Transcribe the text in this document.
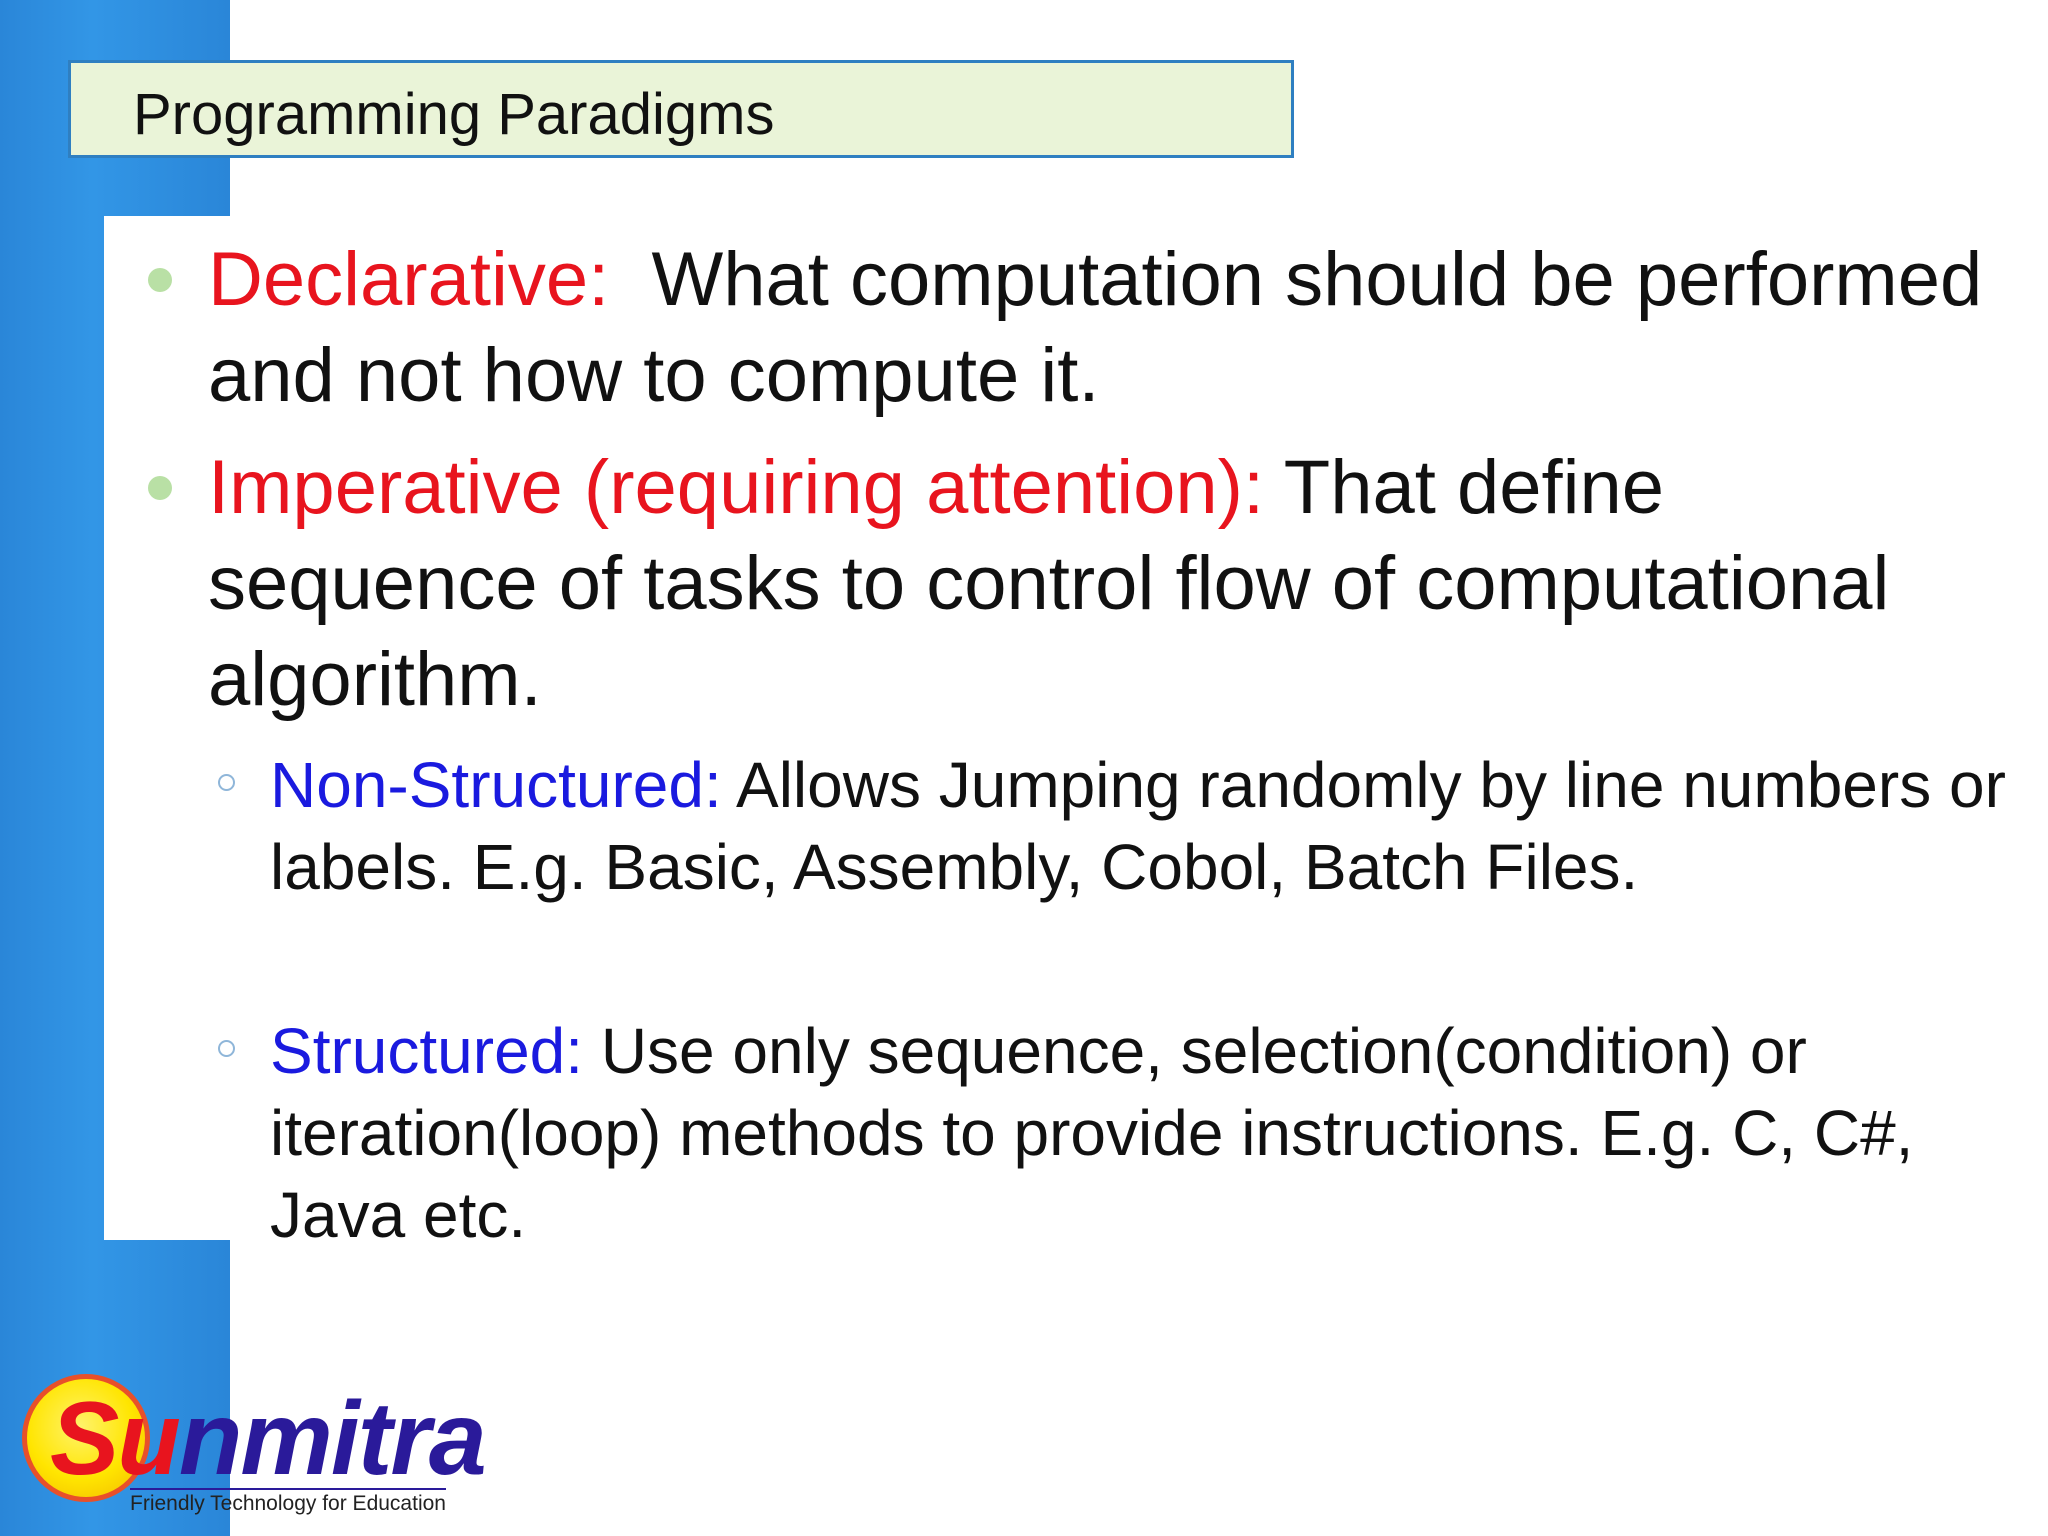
Programming Paradigms
Declarative:  What computation should be performed and not how to compute it.
Imperative (requiring attention): That define sequence of tasks to control flow of computational algorithm.
Non-Structured: Allows Jumping randomly by line numbers or labels. E.g. Basic, Assembly, Cobol, Batch Files.
Structured: Use only sequence, selection(condition) or iteration(loop) methods to provide instructions. E.g. C, C#, Java etc.
Sunmitra
Friendly Technology for Education
